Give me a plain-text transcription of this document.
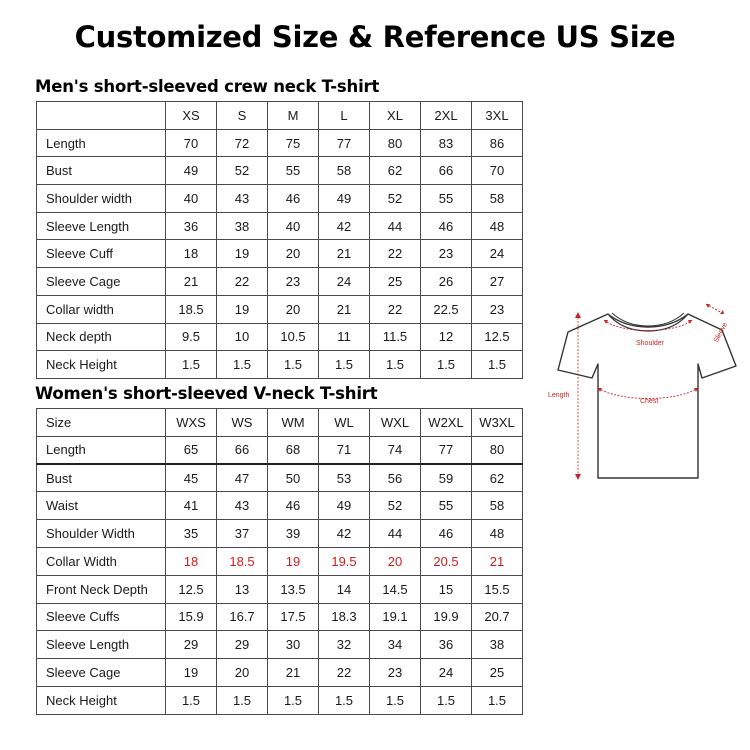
Customized Size & Reference US Size
Men's short-sleeved crew neck T-shirt
	XS	S	M	L	XL	2XL	3XL
Length	70	72	75	77	80	83	86
Bust	49	52	55	58	62	66	70
Shoulder width	40	43	46	49	52	55	58
Sleeve Length	36	38	40	42	44	46	48
Sleeve Cuff	18	19	20	21	22	23	24
Sleeve Cage	21	22	23	24	25	26	27
Collar width	18.5	19	20	21	22	22.5	23
Neck depth	9.5	10	10.5	11	11.5	12	12.5
Neck Height	1.5	1.5	1.5	1.5	1.5	1.5	1.5
Women's short-sleeved V-neck T-shirt
Size	WXS	WS	WM	WL	WXL	W2XL	W3XL
Length	65	66	68	71	74	77	80
Bust	45	47	50	53	56	59	62
Waist	41	43	46	49	52	55	58
Shoulder Width	35	37	39	42	44	46	48
Collar Width	18	18.5	19	19.5	20	20.5	21
Front Neck Depth	12.5	13	13.5	14	14.5	15	15.5
Sleeve Cuffs	15.9	16.7	17.5	18.3	19.1	19.9	20.7
Sleeve Length	29	29	30	32	34	36	38
Sleeve Cage	19	20	21	22	23	24	25
Neck Height	1.5	1.5	1.5	1.5	1.5	1.5	1.5
Shoulder	Sleeve
Length
Chest
